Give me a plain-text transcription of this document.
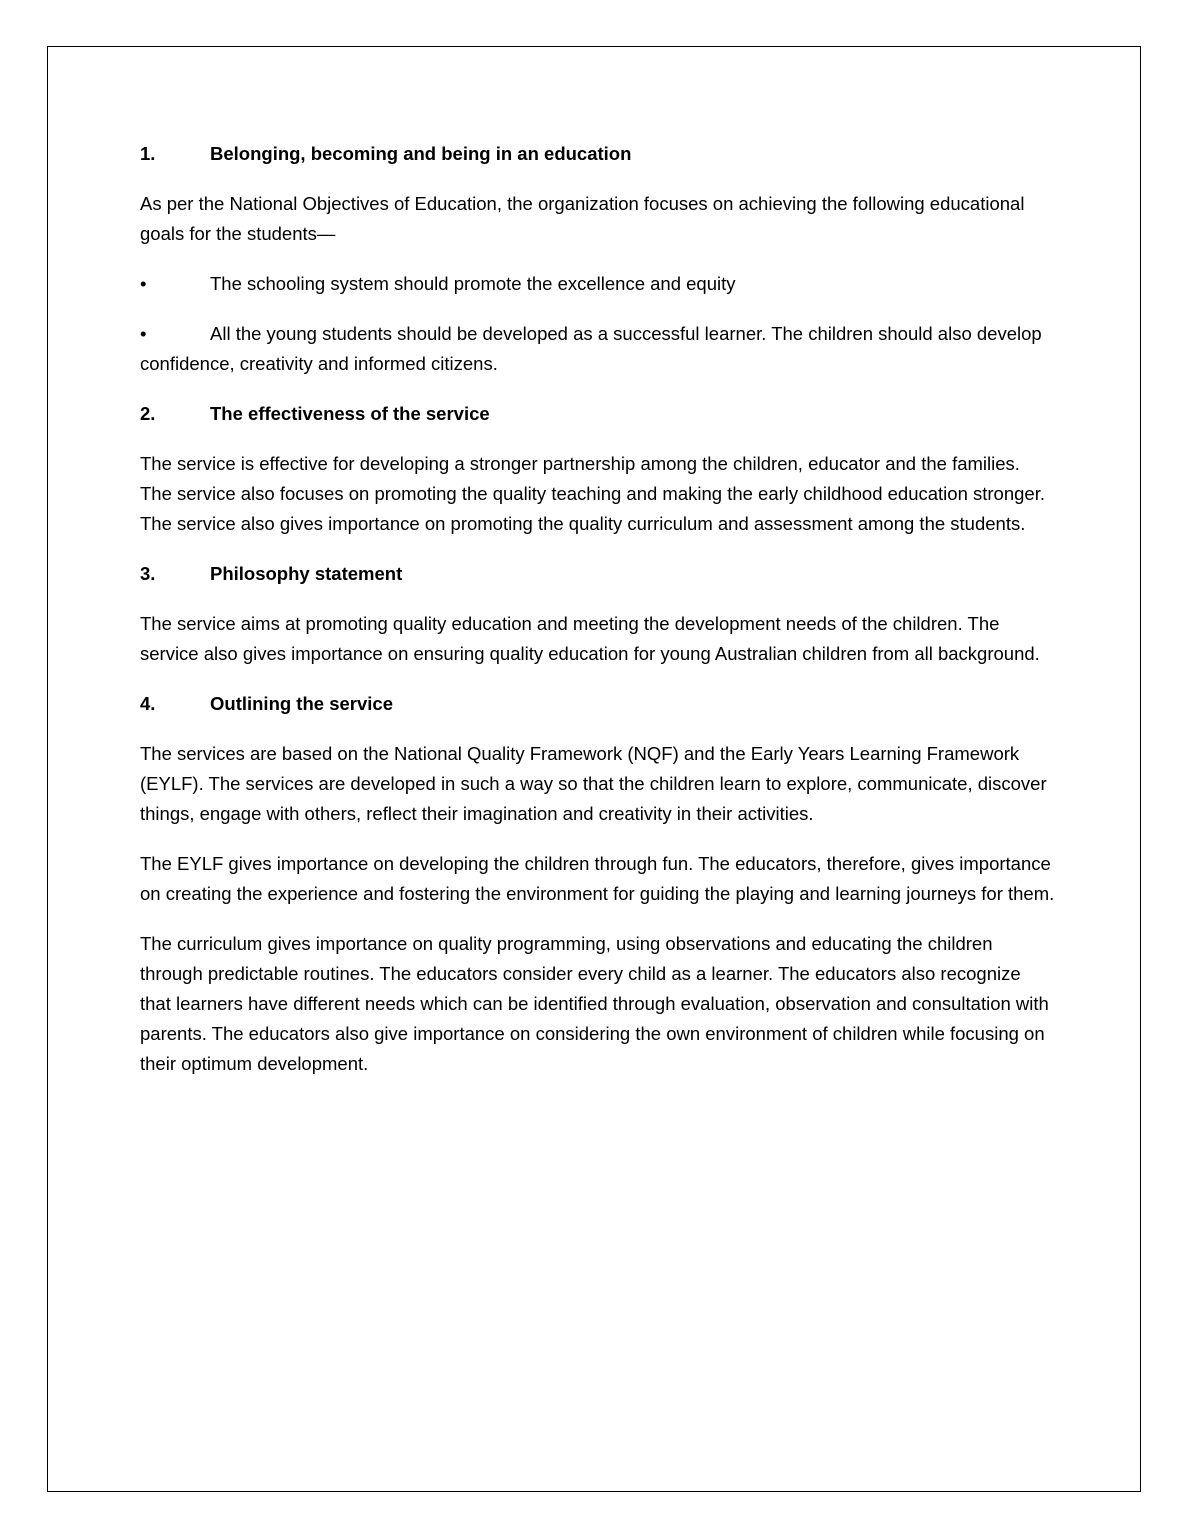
1.	Belonging, becoming and being in an education

As per the National Objectives of Education, the organization focuses on achieving the following educational goals for the students—

•	The schooling system should promote the excellence and equity

•	All the young students should be developed as a successful learner. The children should also develop confidence, creativity and informed citizens.

2.	The effectiveness of the service

The service is effective for developing a stronger partnership among the children, educator and the families. The service also focuses on promoting the quality teaching and making the early childhood education stronger. The service also gives importance on promoting the quality curriculum and assessment among the students.

3.	Philosophy statement

The service aims at promoting quality education and meeting the development needs of the children. The service also gives importance on ensuring quality education for young Australian children from all background.

4.	Outlining the service

The services are based on the National Quality Framework (NQF) and the Early Years Learning Framework (EYLF). The services are developed in such a way so that the children learn to explore, communicate, discover things, engage with others, reflect their imagination and creativity in their activities.

The EYLF gives importance on developing the children through fun. The educators, therefore, gives importance on creating the experience and fostering the environment for guiding the playing and learning journeys for them.

The curriculum gives importance on quality programming, using observations and educating the children through predictable routines. The educators consider every child as a learner. The educators also recognize that learners have different needs which can be identified through evaluation, observation and consultation with parents. The educators also give importance on considering the own environment of children while focusing on their optimum development.
